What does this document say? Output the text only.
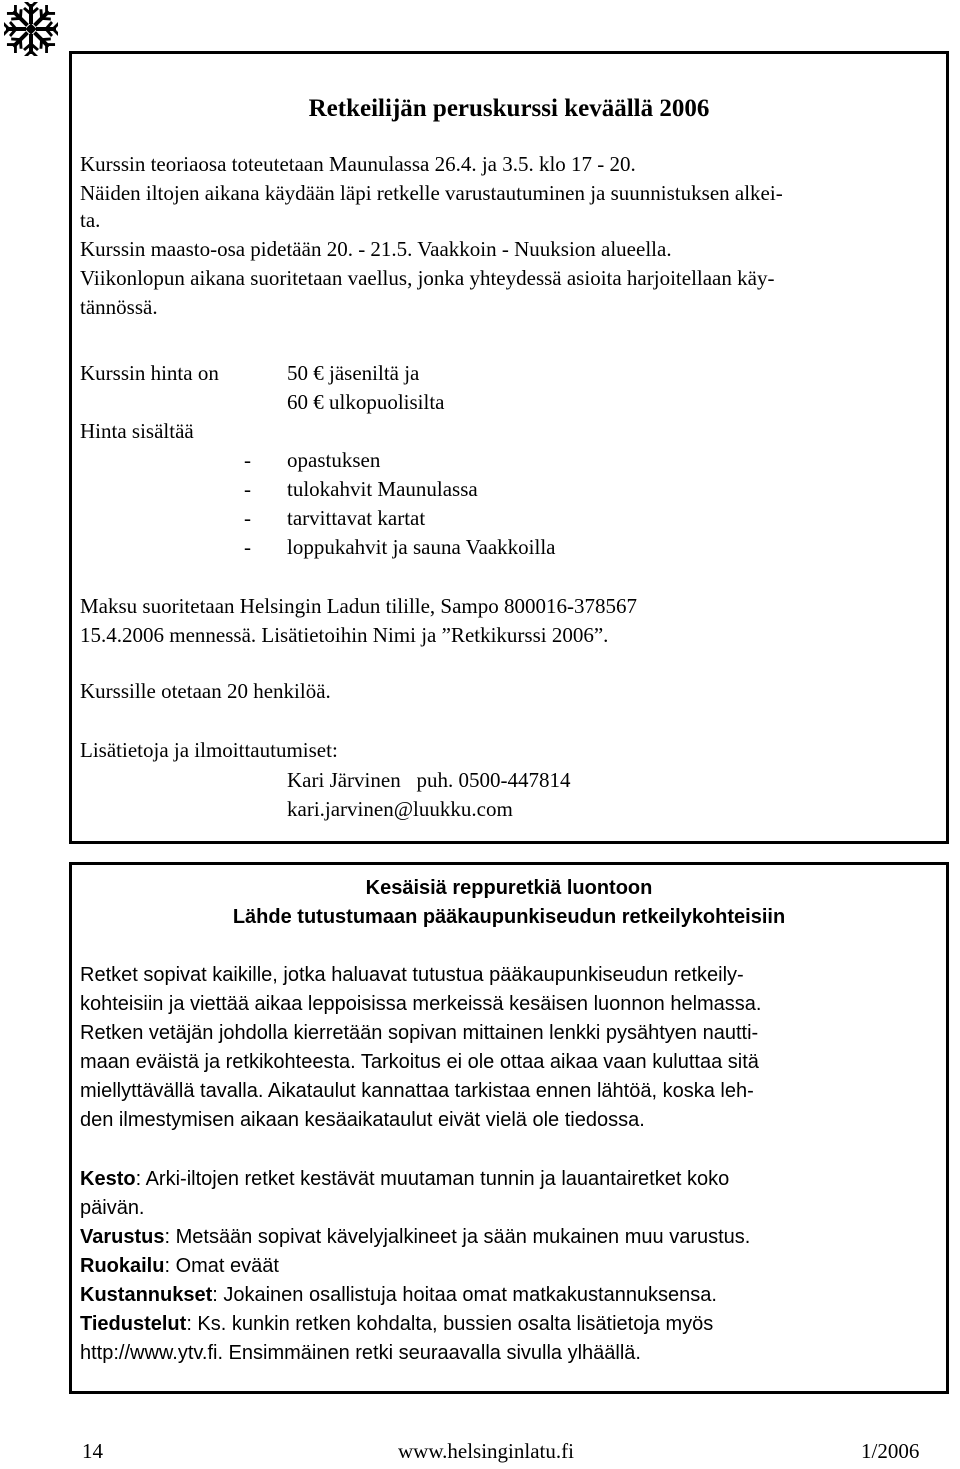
Retkeilijän peruskurssi keväällä 2006
Kurssin teoriaosa toteutetaan Maunulassa 26.4. ja 3.5. klo 17 - 20.
Näiden iltojen aikana käydään läpi retkelle varustautuminen ja suunnistuksen alkei-
ta.
Kurssin maasto-osa pidetään 20. - 21.5. Vaakkoin - Nuuksion alueella.
Viikonlopun aikana suoritetaan vaellus, jonka yhteydessä asioita harjoitellaan käy-
tännössä.
Kurssin hinta on	50 € jäseniltä ja
60 € ulkopuolisilta
Hinta sisältää
- opastuksen
- tulokahvit Maunulassa
- tarvittavat kartat
- loppukahvit ja sauna Vaakkoilla
Maksu suoritetaan Helsingin Ladun tilille, Sampo 800016-378567
15.4.2006 mennessä. Lisätietoihin Nimi ja ”Retkikurssi 2006”.
Kurssille otetaan 20 henkilöä.
Lisätietoja ja ilmoittautumiset:
Kari Järvinen   puh. 0500-447814
kari.jarvinen@luukku.com
Kesäisiä reppuretkiä luontoon
Lähde tutustumaan pääkaupunkiseudun retkeilykohteisiin
Retket sopivat kaikille, jotka haluavat tutustua pääkaupunkiseudun retkeily-
kohteisiin ja viettää aikaa leppoisissa merkeissä kesäisen luonnon helmassa.
Retken vetäjän johdolla kierretään sopivan mittainen lenkki pysähtyen nautti-
maan eväistä ja retkikohteesta. Tarkoitus ei ole ottaa aikaa vaan kuluttaa sitä
miellyttävällä tavalla. Aikataulut kannattaa tarkistaa ennen lähtöä, koska leh-
den ilmestymisen aikaan kesäaikataulut eivät vielä ole tiedossa.
Kesto: Arki-iltojen retket kestävät muutaman tunnin ja lauantairetket koko
päivän.
Varustus: Metsään sopivat kävelyjalkineet ja sään mukainen muu varustus.
Ruokailu: Omat eväät
Kustannukset: Jokainen osallistuja hoitaa omat matkakustannuksensa.
Tiedustelut: Ks. kunkin retken kohdalta, bussien osalta lisätietoja myös
http://www.ytv.fi. Ensimmäinen retki seuraavalla sivulla ylhäällä.
14	www.helsinginlatu.fi	1/2006
